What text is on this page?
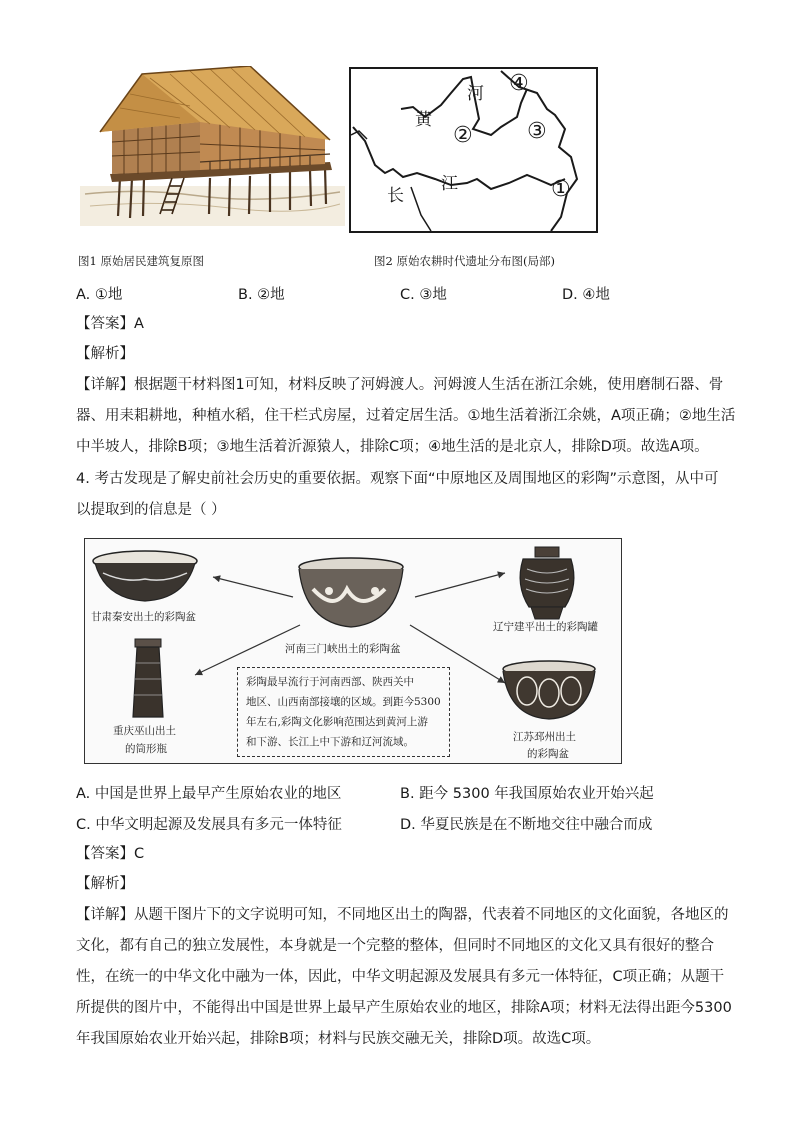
黄
河
长
江	①
② ③
④
图1 原始居民建筑复原图	图2 原始农耕时代遗址分布图(局部)
A. ①地	B. ②地	C. ③地	D. ④地
【答案】A
【解析】

【详解】根据题干材料图1可知，材料反映了河姆渡人。河姆渡人生活在浙江余姚，使用磨制石器、骨

器、用耒耜耕地，种植水稻，住干栏式房屋，过着定居生活。①地生活着浙江余姚，A项正确；②地生活

中半坡人，排除B项；③地生活着沂源猿人，排除C项；④地生活的是北京人，排除D项。故选A项。

4. 考古发现是了解史前社会历史的重要依据。观察下面“中原地区及周围地区的彩陶”示意图，从中可

以提取到的信息是（ ）

甘肃秦安出土的彩陶盆
河南三门峡出土的彩陶盆
辽宁建平出土的彩陶罐
重庆巫山出土
的筒形瓶
江苏邳州出土
的彩陶盆
彩陶最早流行于河南西部、陕西关中
地区、山西南部接壤的区域。到距今5300
年左右,彩陶文化影响范围达到黄河上游
和下游、长江上中下游和辽河流域。
A. 中国是世界上最早产生原始农业的地区	B. 距今 5300 年我国原始农业开始兴起
C. 中华文明起源及发展具有多元一体特征	D. 华夏民族是在不断地交往中融合而成
【答案】C
【解析】

【详解】从题干图片下的文字说明可知，不同地区出土的陶器，代表着不同地区的文化面貌，各地区的

文化，都有自己的独立发展性，本身就是一个完整的整体，但同时不同地区的文化又具有很好的整合

性，在统一的中华文化中融为一体，因此，中华文明起源及发展具有多元一体特征，C项正确；从题干

所提供的图片中，不能得出中国是世界上最早产生原始农业的地区，排除A项；材料无法得出距今5300

年我国原始农业开始兴起，排除B项；材料与民族交融无关，排除D项。故选C项。
